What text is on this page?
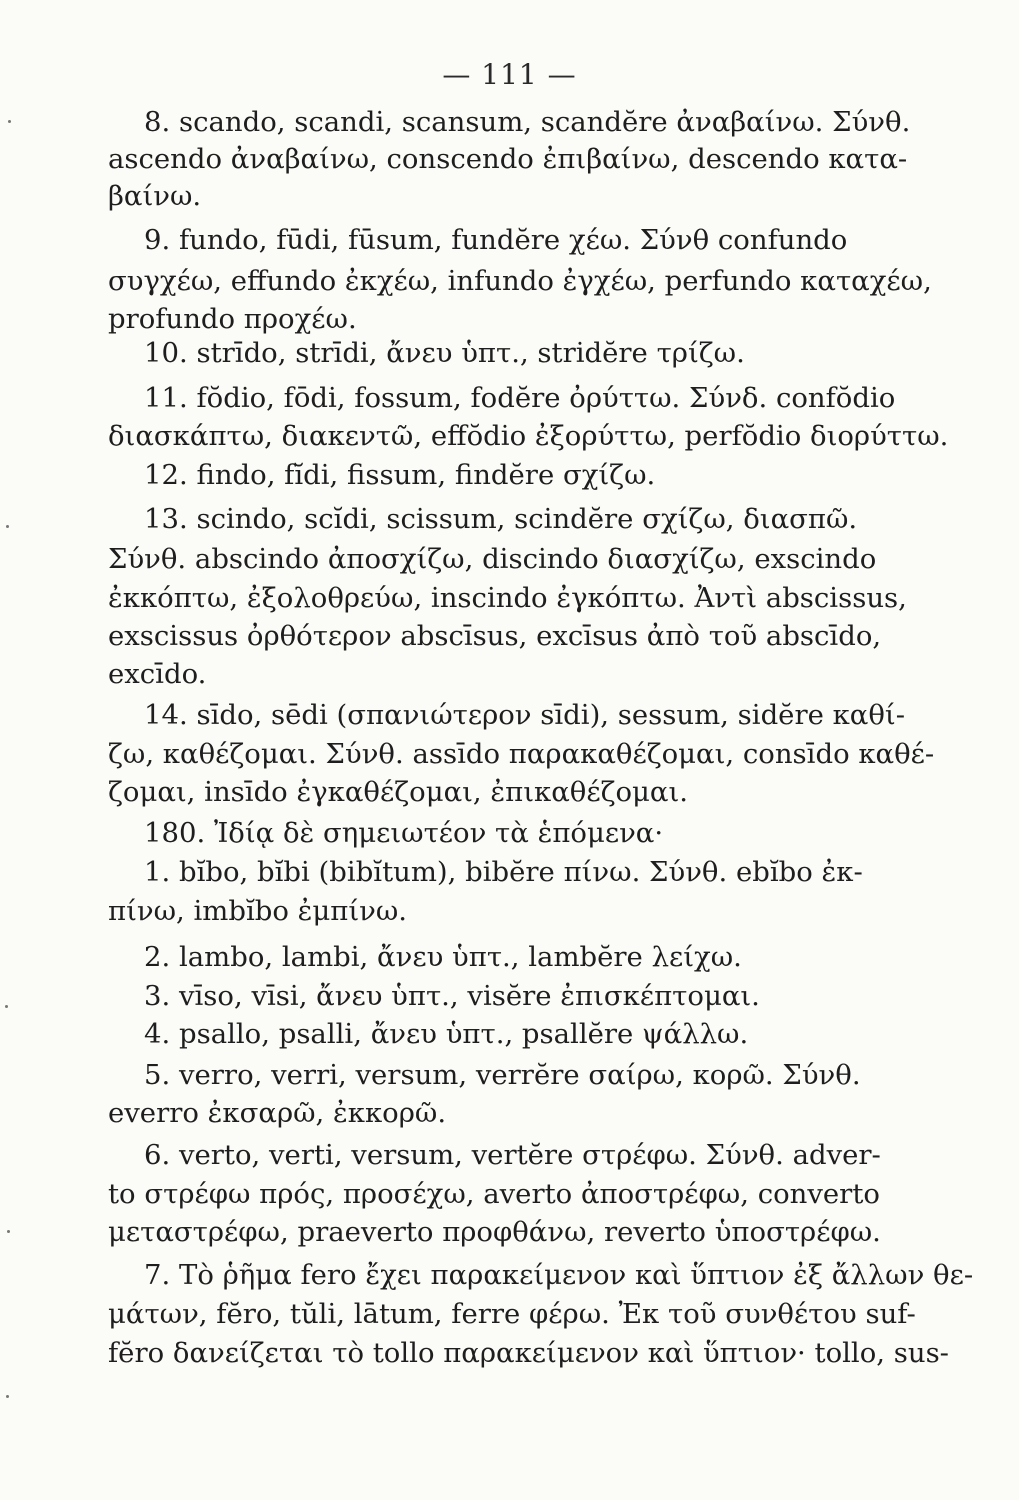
— 111 —
8. scando, scandi, scansum, scandĕre ἀναβαίνω. Σύνθ.
ascendo ἀναβαίνω, conscendo ἐπιβαίνω, descendo κατα-
βαίνω.
9. fundo, fūdi, fūsum, fundĕre χέω. Σύνθ confundo
συγχέω, effundo ἐκχέω, infundo ἐγχέω, perfundo καταχέω,
profundo προχέω.
10. strīdo, strīdi, ἄνευ ὑπτ., stridĕre τρίζω.
11. fŏdio, fōdi, fossum, fodĕre ὀρύττω. Σύνδ. confŏdio
διασκάπτω, διακεντῶ, effŏdio ἐξορύττω, perfŏdio διορύττω.
12. findo, fĭdi, fissum, findĕre σχίζω.
13. scindo, scĭdi, scissum, scindĕre σχίζω, διασπῶ.
Σύνθ. abscindo ἀποσχίζω, discindo διασχίζω, exscindo
ἐκκόπτω, ἐξολοθρεύω, inscindo ἐγκόπτω. Ἀντὶ abscissus,
exscissus ὀρθότερον abscīsus, excīsus ἀπὸ τοῦ abscīdo,
excīdo.
14. sīdo, sēdi (σπανιώτερον sīdi), sessum, sidĕre καθί-
ζω, καθέζομαι. Σύνθ. assīdo παρακαθέζομαι, consīdo καθέ-
ζομαι, insīdo ἐγκαθέζομαι, ἐπικαθέζομαι.
180. Ἰδίᾳ δὲ σημειωτέον τὰ ἑπόμενα·
1. bĭbo, bĭbi (bibĭtum), bibĕre πίνω. Σύνθ. ebĭbo ἐκ-
πίνω, imbĭbo ἐμπίνω.
2. lambo, lambi, ἄνευ ὑπτ., lambĕre λείχω.
3. vīso, vīsi, ἄνευ ὑπτ., visĕre ἐπισκέπτομαι.
4. psallo, psalli, ἄνευ ὑπτ., psallĕre ψάλλω.
5. verro, verri, versum, verrĕre σαίρω, κορῶ. Σύνθ.
everro ἐκσαρῶ, ἐκκορῶ.
6. verto, verti, versum, vertĕre στρέφω. Σύνθ. adver-
to στρέφω πρός, προσέχω, averto ἀποστρέφω, converto
μεταστρέφω, praeverto προφθάνω, reverto ὑποστρέφω.
7. Τὸ ῥῆμα fero ἔχει παρακείμενον καὶ ὕπτιον ἐξ ἄλλων θε-
μάτων, fĕro, tŭli, lātum, ferre φέρω. Ἐκ τοῦ συνθέτου suf-
fĕro δανείζεται τὸ tollo παρακείμενον καὶ ὕπτιον· tollo, sus-
